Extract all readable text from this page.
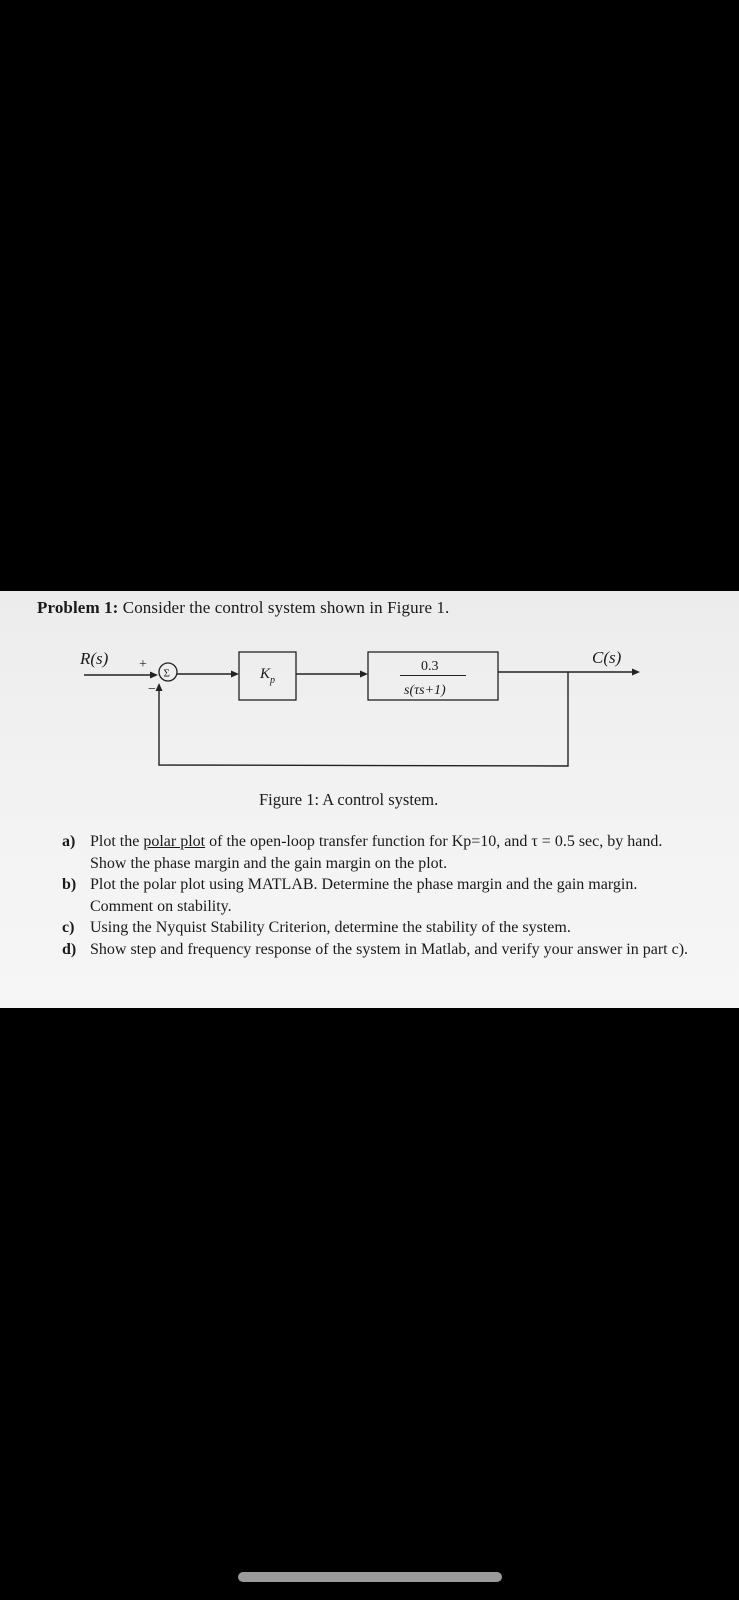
Problem 1: Consider the control system shown in Figure 1.
R(s) +
Σ
−
$K_p$
0.3
s(τs+1)
C(s)
Figure 1: A control system.
a) Plot the polar plot of the open-loop transfer function for Kp=10, and τ = 0.5 sec, by hand. Show the phase margin and the gain margin on the plot.
b) Plot the polar plot using MATLAB. Determine the phase margin and the gain margin. Comment on stability.
c) Using the Nyquist Stability Criterion, determine the stability of the system.
d) Show step and frequency response of the system in Matlab, and verify your answer in part c).
